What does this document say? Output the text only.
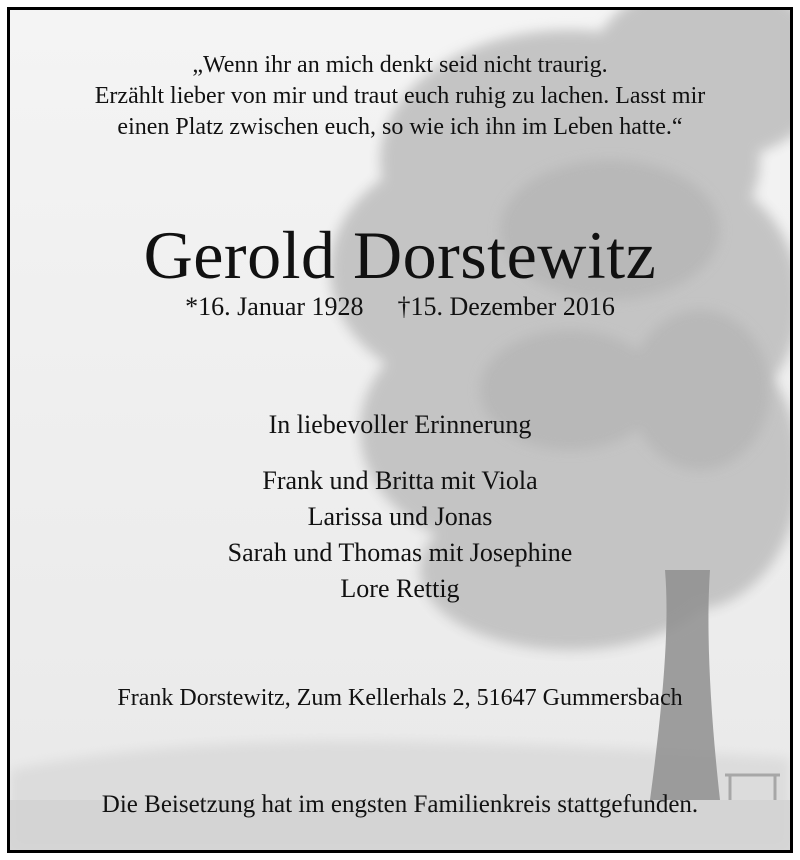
„Wenn ihr an mich denkt seid nicht traurig.
Erzählt lieber von mir und traut euch ruhig zu lachen. Lasst mir
einen Platz zwischen euch, so wie ich ihn im Leben hatte.“
Gerold Dorstewitz
*16. Januar 1928 †15. Dezember 2016
In liebevoller Erinnerung
Frank und Britta mit Viola
Larissa und Jonas
Sarah und Thomas mit Josephine
Lore Rettig
Frank Dorstewitz, Zum Kellerhals 2, 51647 Gummersbach
Die Beisetzung hat im engsten Familienkreis stattgefunden.
